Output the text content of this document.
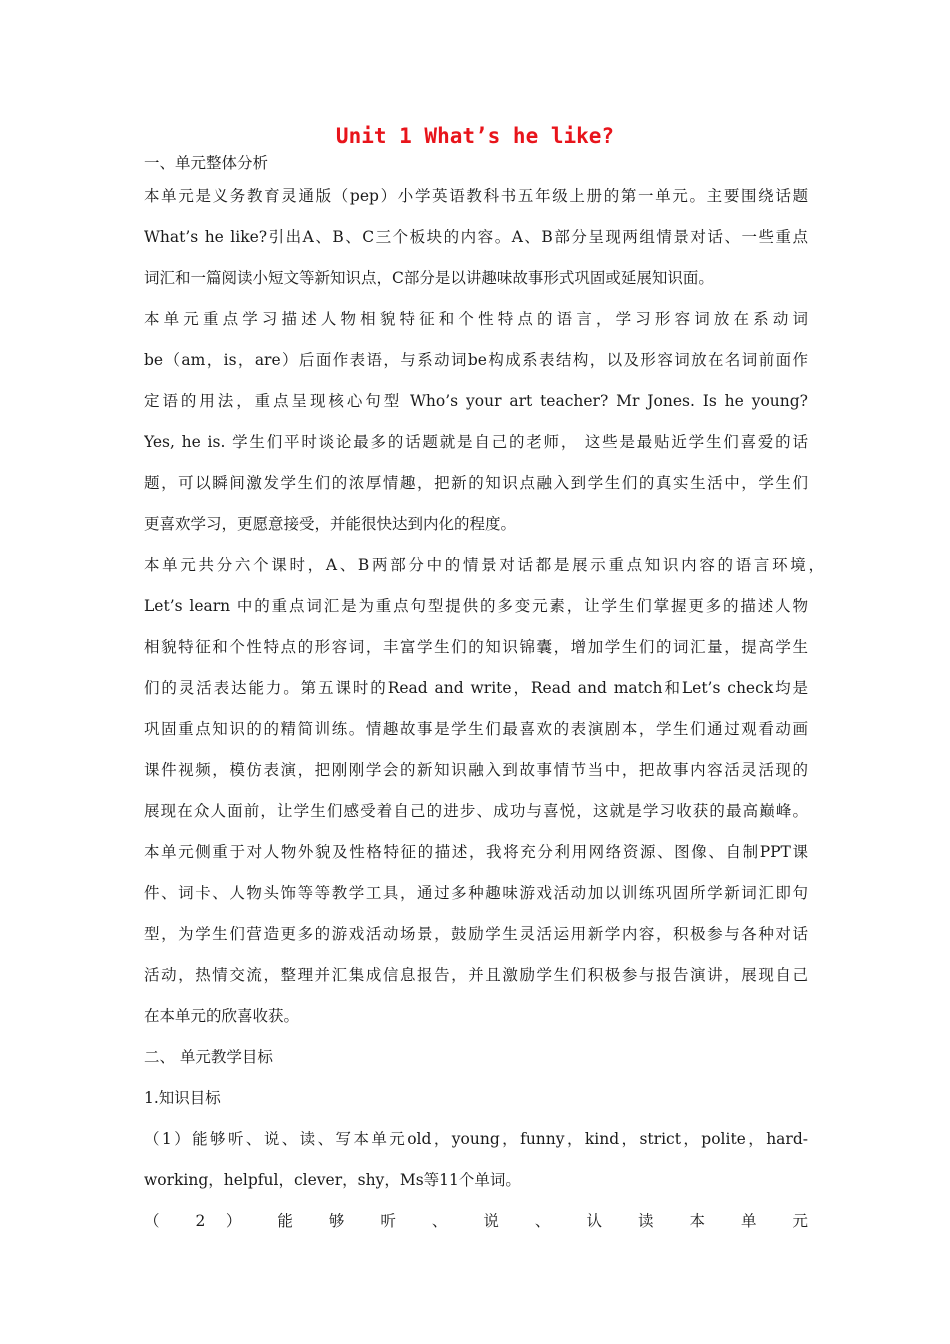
Unit 1 What’s he like?
一、单元整体分析
本单元是义务教育灵通版（pep）小学英语教科书五年级上册的第一单元。主要围绕话题
What’s he like?引出A、B、C三个板块的内容。A、B部分呈现两组情景对话、一些重点
词汇和一篇阅读小短文等新知识点，C部分是以讲趣味故事形式巩固或延展知识面。
本单元重点学习描述人物相貌特征和个性特点的语言，学习形容词放在系动词
be（am，is，are）后面作表语，与系动词be构成系表结构，以及形容词放在名词前面作
定语的用法，重点呈现核心句型 Who’s your art teacher? Mr Jones. Is he young?
Yes, he is. 学生们平时谈论最多的话题就是自己的老师， 这些是最贴近学生们喜爱的话
题，可以瞬间激发学生们的浓厚情趣，把新的知识点融入到学生们的真实生活中，学生们
更喜欢学习，更愿意接受，并能很快达到内化的程度。
本单元共分六个课时，A、B两部分中的情景对话都是展示重点知识内容的语言环境，
Let’s learn 中的重点词汇是为重点句型提供的多变元素，让学生们掌握更多的描述人物
相貌特征和个性特点的形容词，丰富学生们的知识锦囊，增加学生们的词汇量，提高学生
们的灵活表达能力。第五课时的Read and write，Read and match和Let’s check均是
巩固重点知识的的精简训练。情趣故事是学生们最喜欢的表演剧本，学生们通过观看动画
课件视频，模仿表演，把刚刚学会的新知识融入到故事情节当中，把故事内容活灵活现的
展现在众人面前，让学生们感受着自己的进步、成功与喜悦，这就是学习收获的最高巅峰。
本单元侧重于对人物外貌及性格特征的描述，我将充分利用网络资源、图像、自制PPT课
件、词卡、人物头饰等等教学工具，通过多种趣味游戏活动加以训练巩固所学新词汇即句
型，为学生们营造更多的游戏活动场景，鼓励学生灵活运用新学内容，积极参与各种对话
活动，热情交流，整理并汇集成信息报告，并且激励学生们积极参与报告演讲，展现自己
在本单元的欣喜收获。
二、 单元教学目标
1.知识目标
（1）能够听、说、读、写本单元old，young，funny，kind，strict，polite，hard-
working，helpful，clever，shy，Ms等11个单词。
（ 2 ） 能 够 听 、 说 、 认 读 本 单 元
